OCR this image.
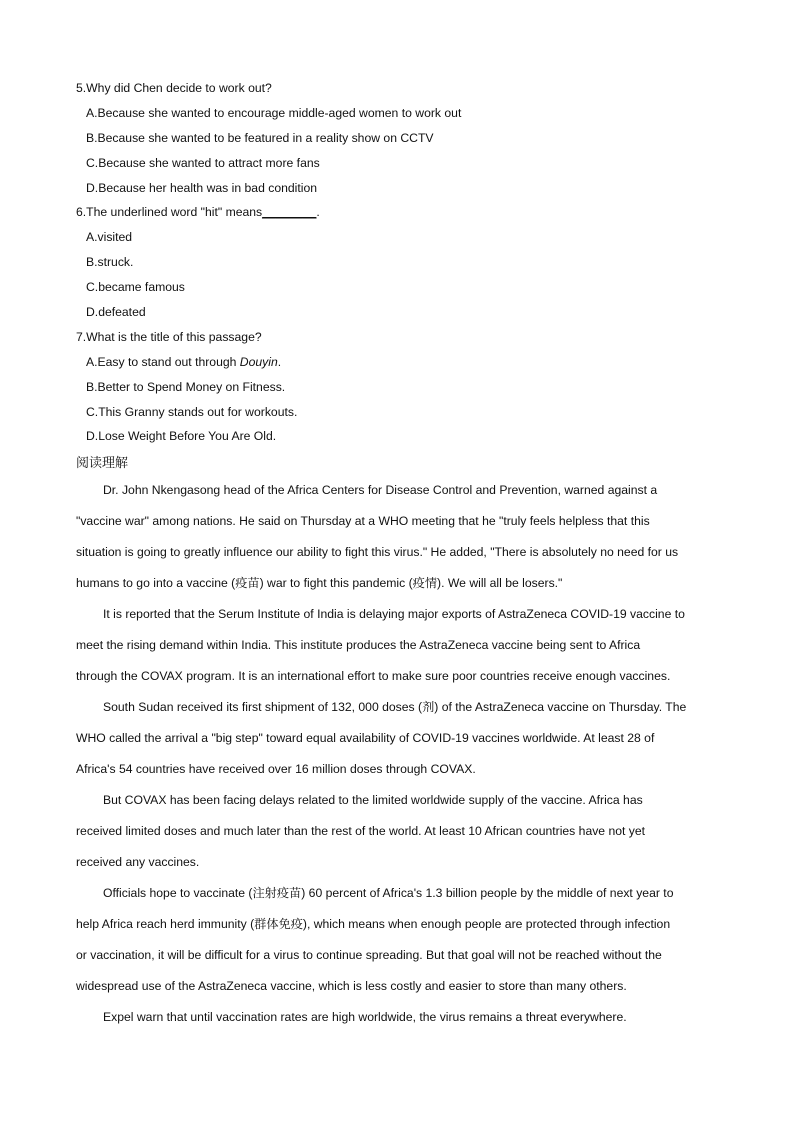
5.Why did Chen decide to work out?
A.Because she wanted to encourage middle-aged women to work out
B.Because she wanted to be featured in a reality show on CCTV
C.Because she wanted to attract more fans
D.Because her health was in bad condition
6.The underlined word "hit" means________.
A.visited
B.struck.
C.became famous
D.defeated
7.What is the title of this passage?
A.Easy to stand out through Douyin.
B.Better to Spend Money on Fitness.
C.This Granny stands out for workouts.
D.Lose Weight Before You Are Old.
阅读理解
Dr. John Nkengasong head of the Africa Centers for Disease Control and Prevention, warned against a
"vaccine war" among nations. He said on Thursday at a WHO meeting that he "truly feels helpless that this
situation is going to greatly influence our ability to fight this virus." He added, "There is absolutely no need for us
humans to go into a vaccine (疫苗) war to fight this pandemic (疫情). We will all be losers."
It is reported that the Serum Institute of India is delaying major exports of AstraZeneca COVID-19 vaccine to
meet the rising demand within India. This institute produces the AstraZeneca vaccine being sent to Africa
through the COVAX program. It is an international effort to make sure poor countries receive enough vaccines.
South Sudan received its first shipment of 132, 000 doses (剂) of the AstraZeneca vaccine on Thursday. The
WHO called the arrival a "big step" toward equal availability of COVID-19 vaccines worldwide. At least 28 of
Africa's 54 countries have received over 16 million doses through COVAX.
But COVAX has been facing delays related to the limited worldwide supply of the vaccine. Africa has
received limited doses and much later than the rest of the world. At least 10 African countries have not yet
received any vaccines.
Officials hope to vaccinate (注射疫苗) 60 percent of Africa's 1.3 billion people by the middle of next year to
help Africa reach herd immunity (群体免疫), which means when enough people are protected through infection
or vaccination, it will be difficult for a virus to continue spreading. But that goal will not be reached without the
widespread use of the AstraZeneca vaccine, which is less costly and easier to store than many others.
Expel warn that until vaccination rates are high worldwide, the virus remains a threat everywhere.
